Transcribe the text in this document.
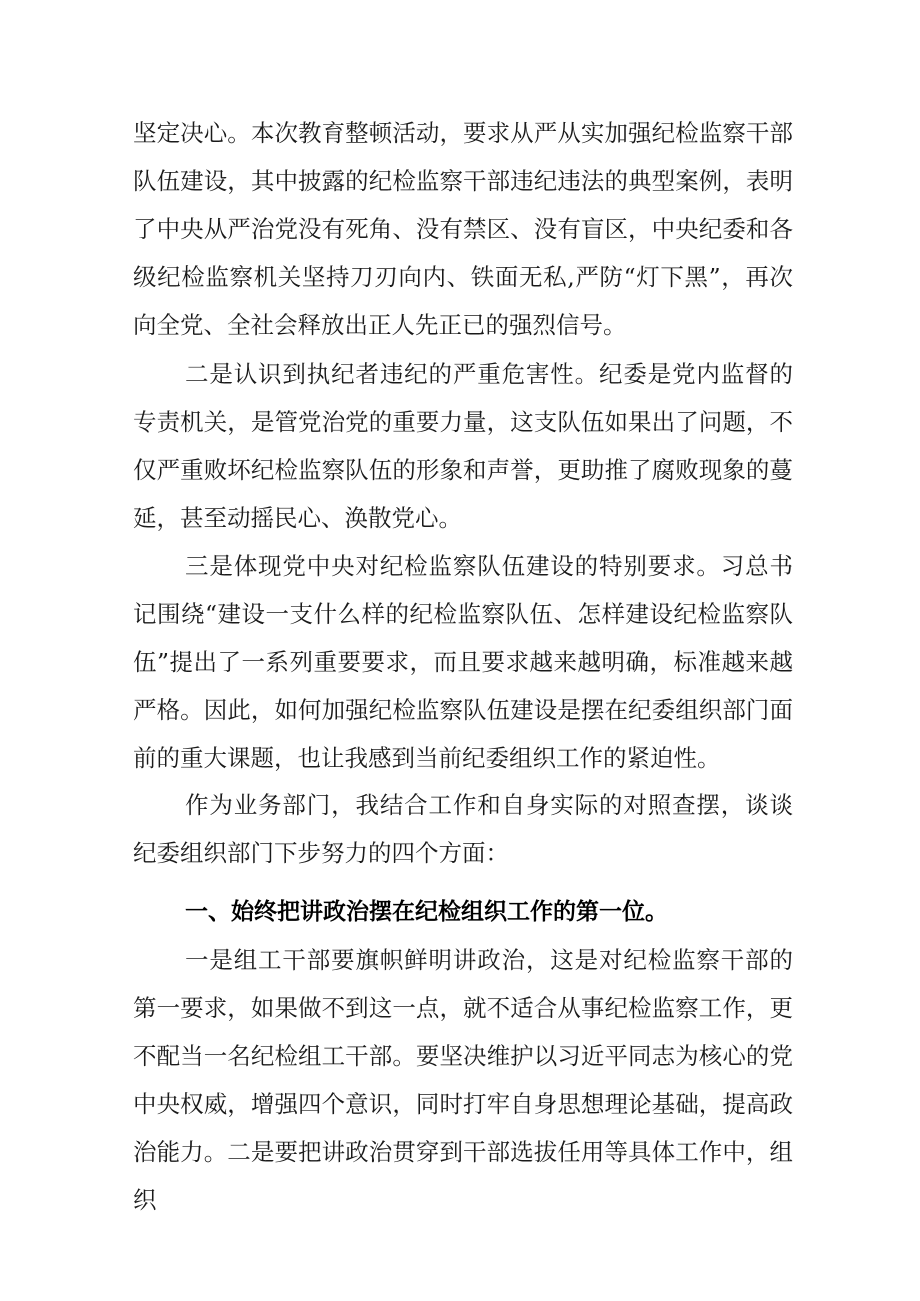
坚定决心。本次教育整顿活动，要求从严从实加强纪检监察干部队伍建设，其中披露的纪检监察干部违纪违法的典型案例，表明了中央从严治党没有死角、没有禁区、没有盲区，中央纪委和各级纪检监察机关坚持刀刃向内、铁面无私,严防“灯下黑”，再次向全党、全社会释放出正人先正已的强烈信号。

二是认识到执纪者违纪的严重危害性。纪委是党内监督的专责机关，是管党治党的重要力量，这支队伍如果出了问题，不仅严重败坏纪检监察队伍的形象和声誉，更助推了腐败现象的蔓延，甚至动摇民心、涣散党心。

三是体现党中央对纪检监察队伍建设的特别要求。习总书记围绕“建设一支什么样的纪检监察队伍、怎样建设纪检监察队伍”提出了一系列重要要求，而且要求越来越明确，标准越来越严格。因此，如何加强纪检监察队伍建设是摆在纪委组织部门面前的重大课题，也让我感到当前纪委组织工作的紧迫性。

作为业务部门，我结合工作和自身实际的对照查摆，谈谈纪委组织部门下步努力的四个方面：

一、始终把讲政治摆在纪检组织工作的第一位。

一是组工干部要旗帜鲜明讲政治，这是对纪检监察干部的第一要求，如果做不到这一点，就不适合从事纪检监察工作，更不配当一名纪检组工干部。要坚决维护以习近平同志为核心的党中央权威，增强四个意识，同时打牢自身思想理论基础，提高政治能力。二是要把讲政治贯穿到干部选拔任用等具体工作中，组织
